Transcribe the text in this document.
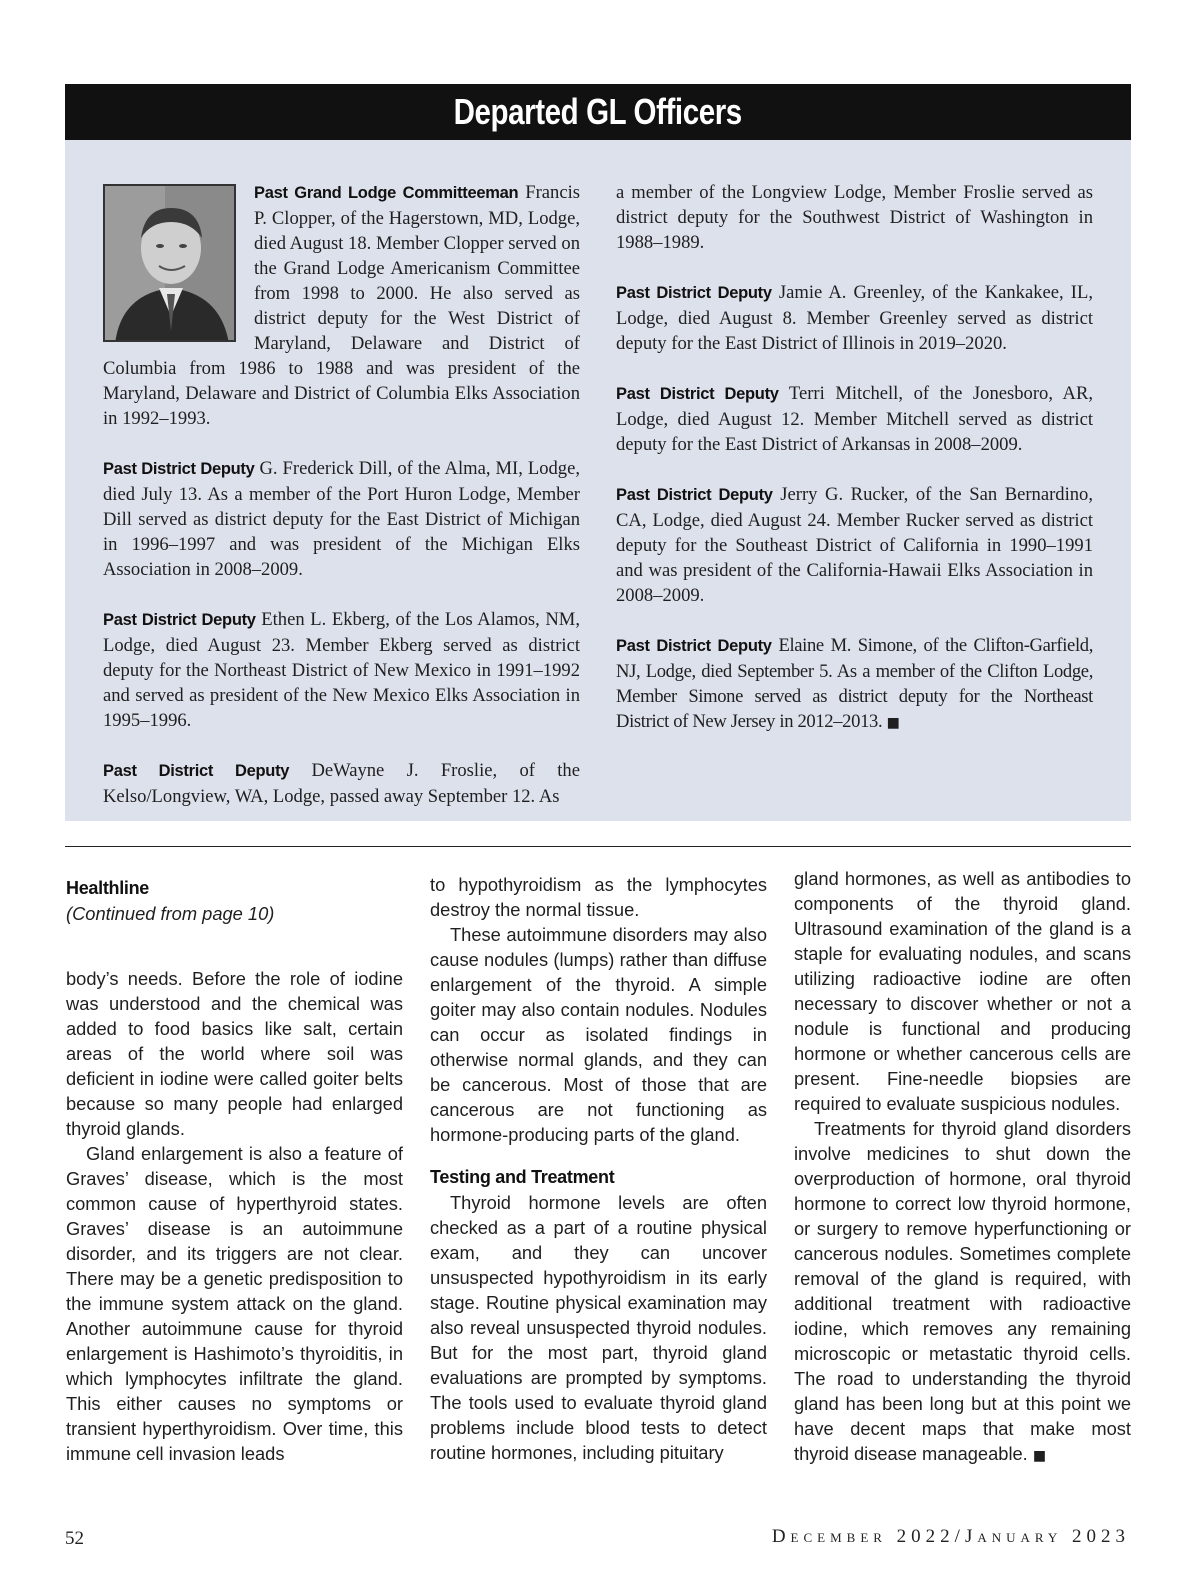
Departed GL Officers

Past Grand Lodge Committeeman Francis P. Clopper, of the Hagerstown, MD, Lodge, died August 18. Member Clopper served on the Grand Lodge Americanism Committee from 1998 to 2000. He also served as district deputy for the West District of Maryland, Delaware and District of Columbia from 1986 to 1988 and was president of the Maryland, Delaware and District of Columbia Elks Association in 1992–1993.

Past District Deputy G. Frederick Dill, of the Alma, MI, Lodge, died July 13. As a member of the Port Huron Lodge, Member Dill served as district deputy for the East District of Michigan in 1996–1997 and was president of the Michigan Elks Association in 2008–2009.

Past District Deputy Ethen L. Ekberg, of the Los Alamos, NM, Lodge, died August 23. Member Ekberg served as district deputy for the Northeast District of New Mexico in 1991–1992 and served as president of the New Mexico Elks Association in 1995–1996.

Past District Deputy DeWayne J. Froslie, of the Kelso/Longview, WA, Lodge, passed away September 12. As

a member of the Longview Lodge, Member Froslie served as district deputy for the Southwest District of Washington in 1988–1989.

Past District Deputy Jamie A. Greenley, of the Kankakee, IL, Lodge, died August 8. Member Greenley served as district deputy for the East District of Illinois in 2019–2020.

Past District Deputy Terri Mitchell, of the Jonesboro, AR, Lodge, died August 12. Member Mitchell served as district deputy for the East District of Arkansas in 2008–2009.

Past District Deputy Jerry G. Rucker, of the San Bernardino, CA, Lodge, died August 24. Member Rucker served as district deputy for the Southeast District of California in 1990–1991 and was president of the California-Hawaii Elks Association in 2008–2009.

Past District Deputy Elaine M. Simone, of the Clifton-Garfield, NJ, Lodge, died September 5. As a member of the Clifton Lodge, Member Simone served as district deputy for the Northeast District of New Jersey in 2012–2013. ■

Healthline
(Continued from page 10)

body’s needs. Before the role of iodine was understood and the chemical was added to food basics like salt, certain areas of the world where soil was deficient in iodine were called goiter belts because so many people had enlarged thyroid glands.

Gland enlargement is also a feature of Graves’ disease, which is the most common cause of hyperthyroid states. Graves’ disease is an autoimmune disorder, and its triggers are not clear. There may be a genetic predisposition to the immune system attack on the gland. Another autoimmune cause for thyroid enlargement is Hashimoto’s thyroiditis, in which lymphocytes infiltrate the gland. This either causes no symptoms or transient hyperthyroidism. Over time, this immune cell invasion leads

to hypothyroidism as the lymphocytes destroy the normal tissue.

These autoimmune disorders may also cause nodules (lumps) rather than diffuse enlargement of the thyroid. A simple goiter may also contain nodules. Nodules can occur as isolated findings in otherwise normal glands, and they can be cancerous. Most of those that are cancerous are not functioning as hormone-producing parts of the gland.

Testing and Treatment

Thyroid hormone levels are often checked as a part of a routine physical exam, and they can uncover unsuspected hypothyroidism in its early stage. Routine physical examination may also reveal unsuspected thyroid nodules. But for the most part, thyroid gland evaluations are prompted by symptoms. The tools used to evaluate thyroid gland problems include blood tests to detect routine hormones, including pituitary

gland hormones, as well as antibodies to components of the thyroid gland. Ultrasound examination of the gland is a staple for evaluating nodules, and scans utilizing radioactive iodine are often necessary to discover whether or not a nodule is functional and producing hormone or whether cancerous cells are present. Fine-needle biopsies are required to evaluate suspicious nodules.

Treatments for thyroid gland disorders involve medicines to shut down the overproduction of hormone, oral thyroid hormone to correct low thyroid hormone, or surgery to remove hyperfunctioning or cancerous nodules. Sometimes complete removal of the gland is required, with additional treatment with radioactive iodine, which removes any remaining microscopic or metastatic thyroid cells. The road to understanding the thyroid gland has been long but at this point we have decent maps that make most thyroid disease manageable. ■

52	December 2022/January 2023
